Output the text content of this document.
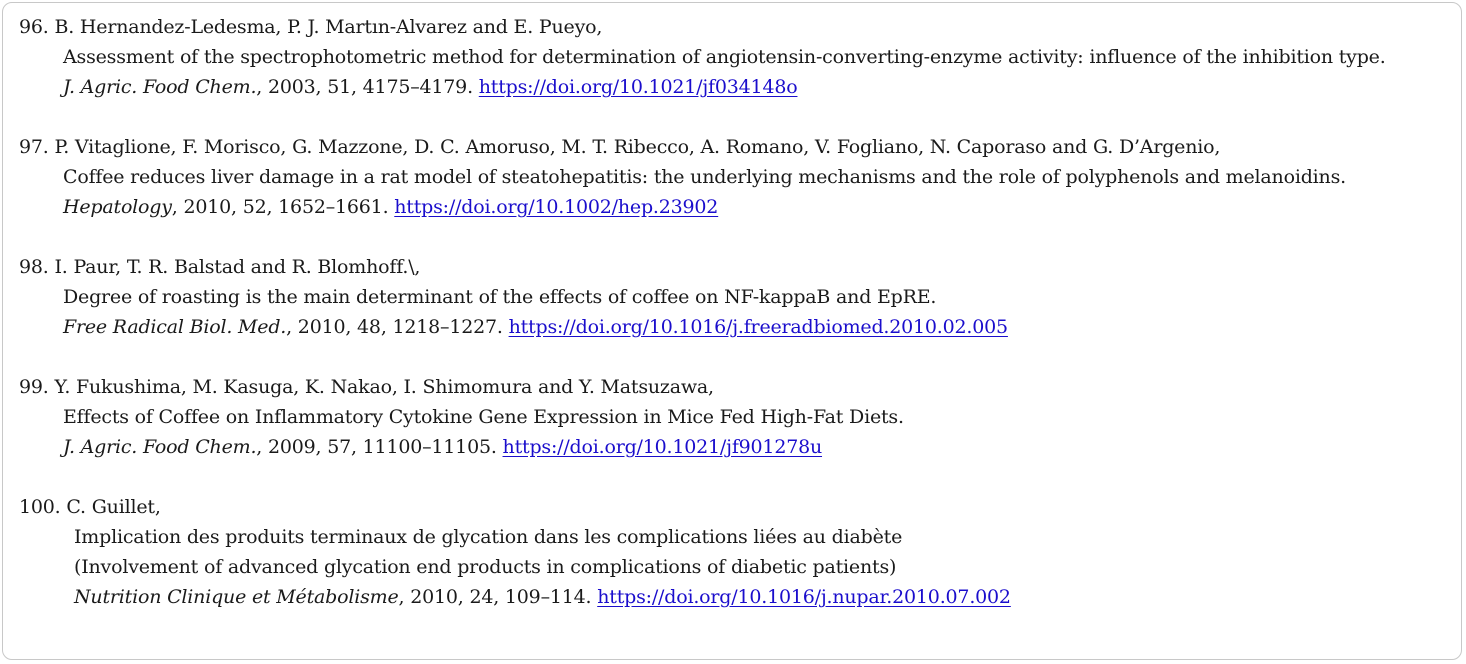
96. B. Hernandez-Ledesma, P. J. Martın-Alvarez and E. Pueyo,
Assessment of the spectrophotometric method for determination of angiotensin-converting-enzyme activity: influence of the inhibition type.
J. Agric. Food Chem., 2003, 51, 4175–4179. https://doi.org/10.1021/jf034148o
97. P. Vitaglione, F. Morisco, G. Mazzone, D. C. Amoruso, M. T. Ribecco, A. Romano, V. Fogliano, N. Caporaso and G. D’Argenio,
Coffee reduces liver damage in a rat model of steatohepatitis: the underlying mechanisms and the role of polyphenols and melanoidins.
Hepatology, 2010, 52, 1652–1661. https://doi.org/10.1002/hep.23902
98. I. Paur, T. R. Balstad and R. Blomhoff.\,
Degree of roasting is the main determinant of the effects of coffee on NF-kappaB and EpRE.
Free Radical Biol. Med., 2010, 48, 1218–1227. https://doi.org/10.1016/j.freeradbiomed.2010.02.005
99. Y. Fukushima, M. Kasuga, K. Nakao, I. Shimomura and Y. Matsuzawa,
Effects of Coffee on Inflammatory Cytokine Gene Expression in Mice Fed High-Fat Diets.
J. Agric. Food Chem., 2009, 57, 11100–11105. https://doi.org/10.1021/jf901278u
100. C. Guillet,
Implication des produits terminaux de glycation dans les complications liées au diabète
(Involvement of advanced glycation end products in complications of diabetic patients)
Nutrition Clinique et Métabolisme, 2010, 24, 109–114. https://doi.org/10.1016/j.nupar.2010.07.002
